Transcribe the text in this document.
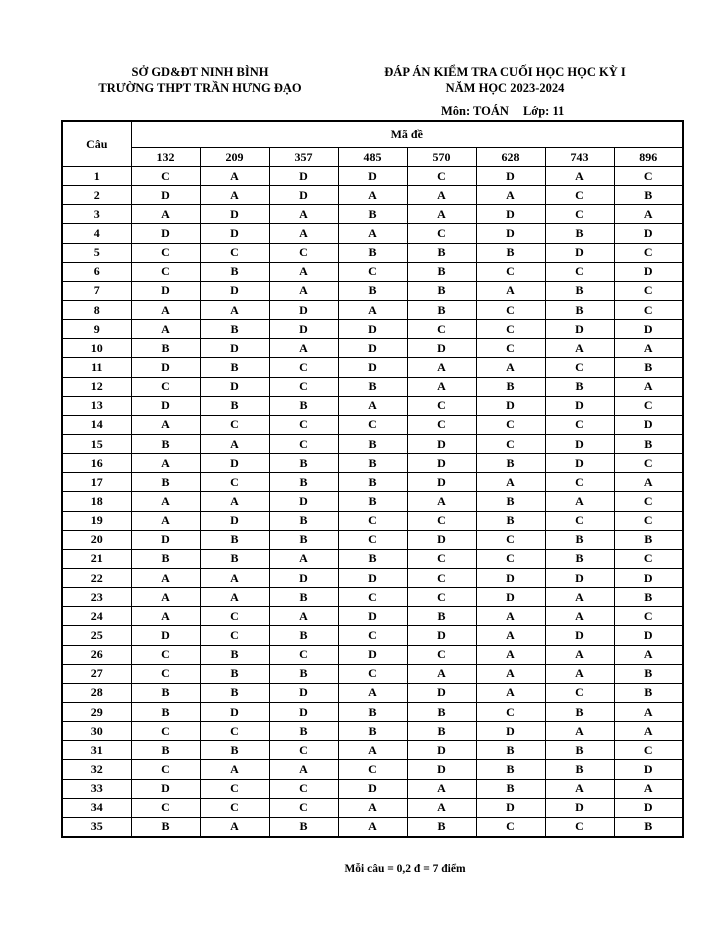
SỞ GD&ĐT NINH BÌNH
TRƯỜNG THPT TRẦN HƯNG ĐẠO
ĐÁP ÁN KIỂM TRA CUỐI HỌC HỌC KỲ I
NĂM HỌC 2023-2024
Môn: TOÁN Lớp: 11
Câu	Mã đề							
	132	209	357	485	570	628	743	896
1	C	A	D	D	C	D	A	C
2	D	A	D	A	A	A	C	B
3	A	D	A	B	A	D	C	A
4	D	D	A	A	C	D	B	D
5	C	C	C	B	B	B	D	C
6	C	B	A	C	B	C	C	D
7	D	D	A	B	B	A	B	C
8	A	A	D	A	B	C	B	C
9	A	B	D	D	C	C	D	D
10	B	D	A	D	D	C	A	A
11	D	B	C	D	A	A	C	B
12	C	D	C	B	A	B	B	A
13	D	B	B	A	C	D	D	C
14	A	C	C	C	C	C	C	D
15	B	A	C	B	D	C	D	B
16	A	D	B	B	D	B	D	C
17	B	C	B	B	D	A	C	A
18	A	A	D	B	A	B	A	C
19	A	D	B	C	C	B	C	C
20	D	B	B	C	D	C	B	B
21	B	B	A	B	C	C	B	C
22	A	A	D	D	C	D	D	D
23	A	A	B	C	C	D	A	B
24	A	C	A	D	B	A	A	C
25	D	C	B	C	D	A	D	D
26	C	B	C	D	C	A	A	A
27	C	B	B	C	A	A	A	B
28	B	B	D	A	D	A	C	B
29	B	D	D	B	B	C	B	A
30	C	C	B	B	B	D	A	A
31	B	B	C	A	D	B	B	C
32	C	A	A	C	D	B	B	D
33	D	C	C	D	A	B	A	A
34	C	C	C	A	A	D	D	D
35	B	A	B	A	B	C	C	B
Mỗi câu = 0,2 đ = 7 điểm
